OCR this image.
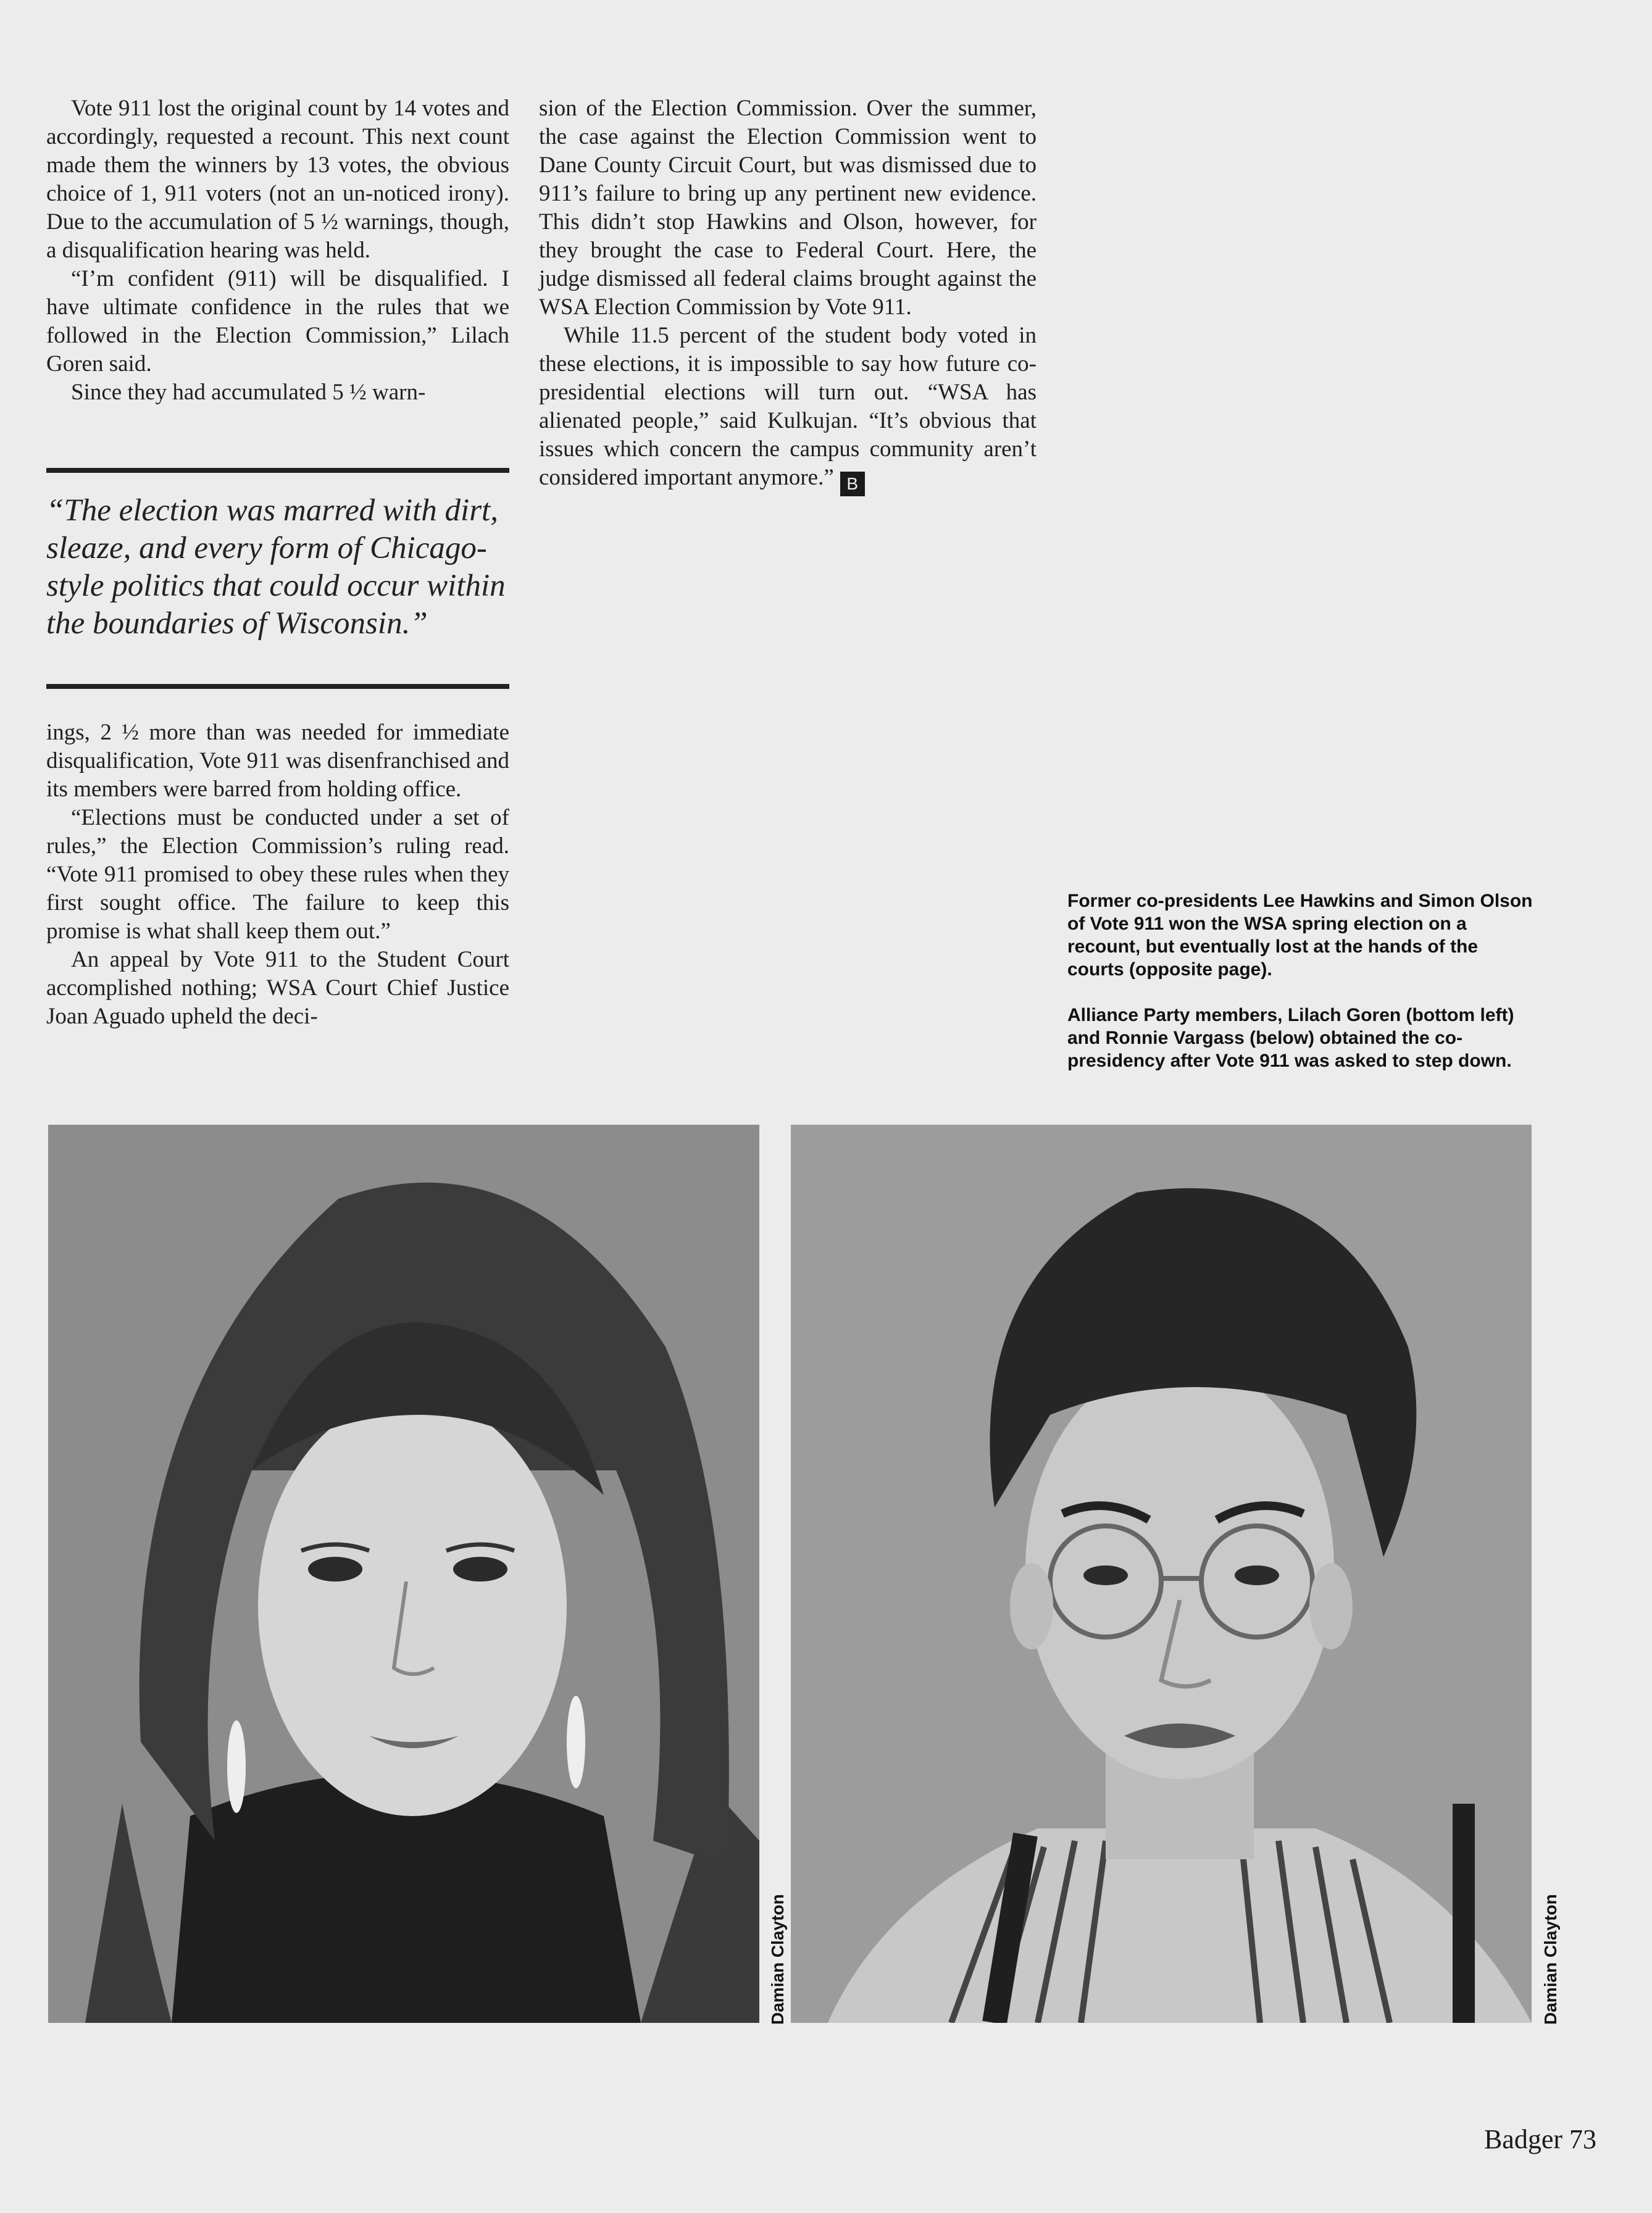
Vote 911 lost the original count by 14 votes and accordingly, requested a recount. This next count made them the winners by 13 votes, the obvious choice of 1, 911 voters (not an un-noticed irony). Due to the accumulation of 5 ½ warnings, though, a disqualification hearing was held.

“I’m confident (911) will be disqualified. I have ultimate confidence in the rules that we followed in the Election Commission,” Lilach Goren said.

Since they had accumulated 5 ½ warn-

“The election was marred with dirt, sleaze, and every form of Chicago-style politics that could occur within the boundaries of Wisconsin.”

ings, 2 ½ more than was needed for immediate disqualification, Vote 911 was disenfranchised and its members were barred from holding office.

“Elections must be conducted under a set of rules,” the Election Commission’s ruling read. “Vote 911 promised to obey these rules when they first sought office. The failure to keep this promise is what shall keep them out.”

An appeal by Vote 911 to the Student Court accomplished nothing; WSA Court Chief Justice Joan Aguado upheld the deci-

sion of the Election Commission. Over the summer, the case against the Election Commission went to Dane County Circuit Court, but was dismissed due to 911’s failure to bring up any pertinent new evidence. This didn’t stop Hawkins and Olson, however, for they brought the case to Federal Court. Here, the judge dismissed all federal claims brought against the WSA Election Commission by Vote 911.

While 11.5 percent of the student body voted in these elections, it is impossible to say how future co-presidential elections will turn out. “WSA has alienated people,” said Kulkujan. “It’s obvious that issues which concern the campus community aren’t considered important anymore.” B

Former co-presidents Lee Hawkins and Simon Olson of Vote 911 won the WSA spring election on a recount, but eventually lost at the hands of the courts (opposite page).

Alliance Party members, Lilach Goren (bottom left) and Ronnie Vargass (below) obtained the co-presidency after Vote 911 was asked to step down.

Damian Clayton	Damian Clayton
Badger 73
